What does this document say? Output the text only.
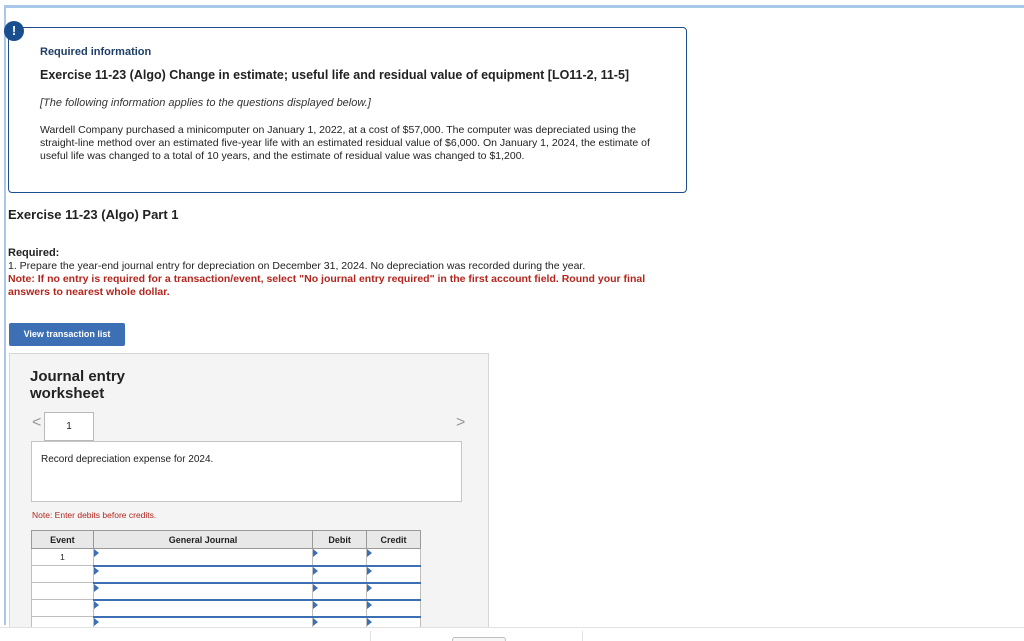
Required information
Exercise 11-23 (Algo) Change in estimate; useful life and residual value of equipment [LO11-2, 11-5]
[The following information applies to the questions displayed below.]
Wardell Company purchased a minicomputer on January 1, 2022, at a cost of $57,000. The computer was depreciated using the straight-line method over an estimated five-year life with an estimated residual value of $6,000. On January 1, 2024, the estimate of useful life was changed to a total of 10 years, and the estimate of residual value was changed to $1,200.
!
Exercise 11-23 (Algo) Part 1
Required:
1. Prepare the year-end journal entry for depreciation on December 31, 2024. No depreciation was recorded during the year.
Note: If no entry is required for a transaction/event, select "No journal entry required" in the first account field. Round your final answers to nearest whole dollar.
View transaction list
Journal entry worksheet
<	1	>
Record depreciation expense for 2024.
Note: Enter debits before credits.
Event	General Journal	Debit	Credit
1	
